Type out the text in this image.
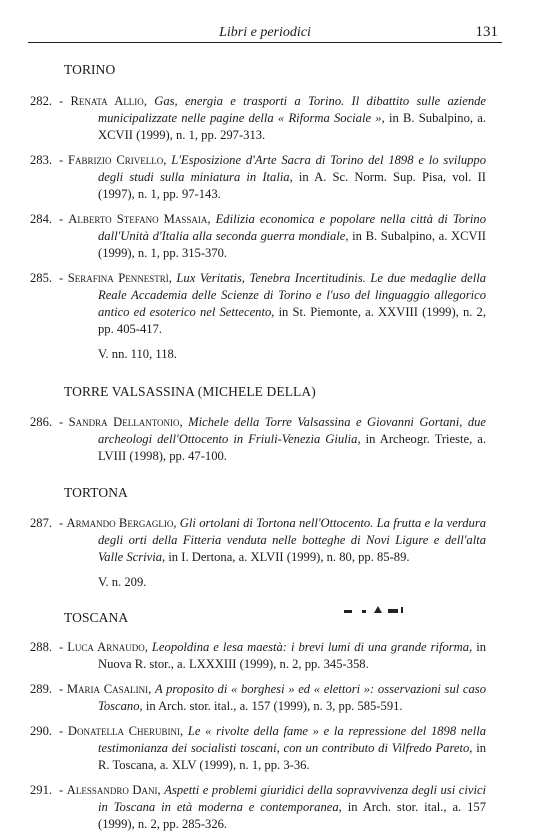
Libri e periodici	131
TORINO
282. - Renata Allio, Gas, energia e trasporti a Torino. Il dibattito sulle aziende municipalizzate nelle pagine della « Riforma Sociale », in B. Subalpino, a. XCVII (1999), n. 1, pp. 297-313.
283. - Fabrizio Crivello, L'Esposizione d'Arte Sacra di Torino del 1898 e lo sviluppo degli studi sulla miniatura in Italia, in A. Sc. Norm. Sup. Pisa, vol. II (1997), n. 1, pp. 97-143.
284. - Alberto Stefano Massaia, Edilizia economica e popolare nella città di Torino dall'Unità d'Italia alla seconda guerra mondiale, in B. Subalpino, a. XCVII (1999), n. 1, pp. 315-370.
285. - Serafina Pennestrì, Lux Veritatis, Tenebra Incertitudinis. Le due medaglie della Reale Accademia delle Scienze di Torino e l'uso del linguaggio allegorico antico ed esoterico nel Settecento, in St. Piemonte, a. XXVIII (1999), n. 2, pp. 405-417.
V. nn. 110, 118.
TORRE VALSASSINA (MICHELE DELLA)
286. - Sandra Dellantonio, Michele della Torre Valsassina e Giovanni Gortani, due archeologi dell'Ottocento in Friuli-Venezia Giulia, in Archeogr. Trieste, a. LVIII (1998), pp. 47-100.
TORTONA
287. - Armando Bergaglio, Gli ortolani di Tortona nell'Ottocento. La frutta e la verdura degli orti della Fitteria venduta nelle botteghe di Novi Ligure e dell'alta Valle Scrivia, in I. Dertona, a. XLVII (1999), n. 80, pp. 85-89.
V. n. 209.
TOSCANA
288. - Luca Arnaudo, Leopoldina e lesa maestà: i brevi lumi di una grande riforma, in Nuova R. stor., a. LXXXIII (1999), n. 2, pp. 345-358.
289. - Maria Casalini, A proposito di « borghesi » ed « elettori »: osservazioni sul caso Toscano, in Arch. stor. ital., a. 157 (1999), n. 3, pp. 585-591.
290. - Donatella Cherubini, Le « rivolte della fame » e la repressione del 1898 nella testimonianza dei socialisti toscani, con un contributo di Vilfredo Pareto, in R. Toscana, a. XLV (1999), n. 1, pp. 3-36.
291. - Alessandro Dani, Aspetti e problemi giuridici della sopravvivenza degli usi civici in Toscana in età moderna e contemporanea, in Arch. stor. ital., a. 157 (1999), n. 2, pp. 285-326.
